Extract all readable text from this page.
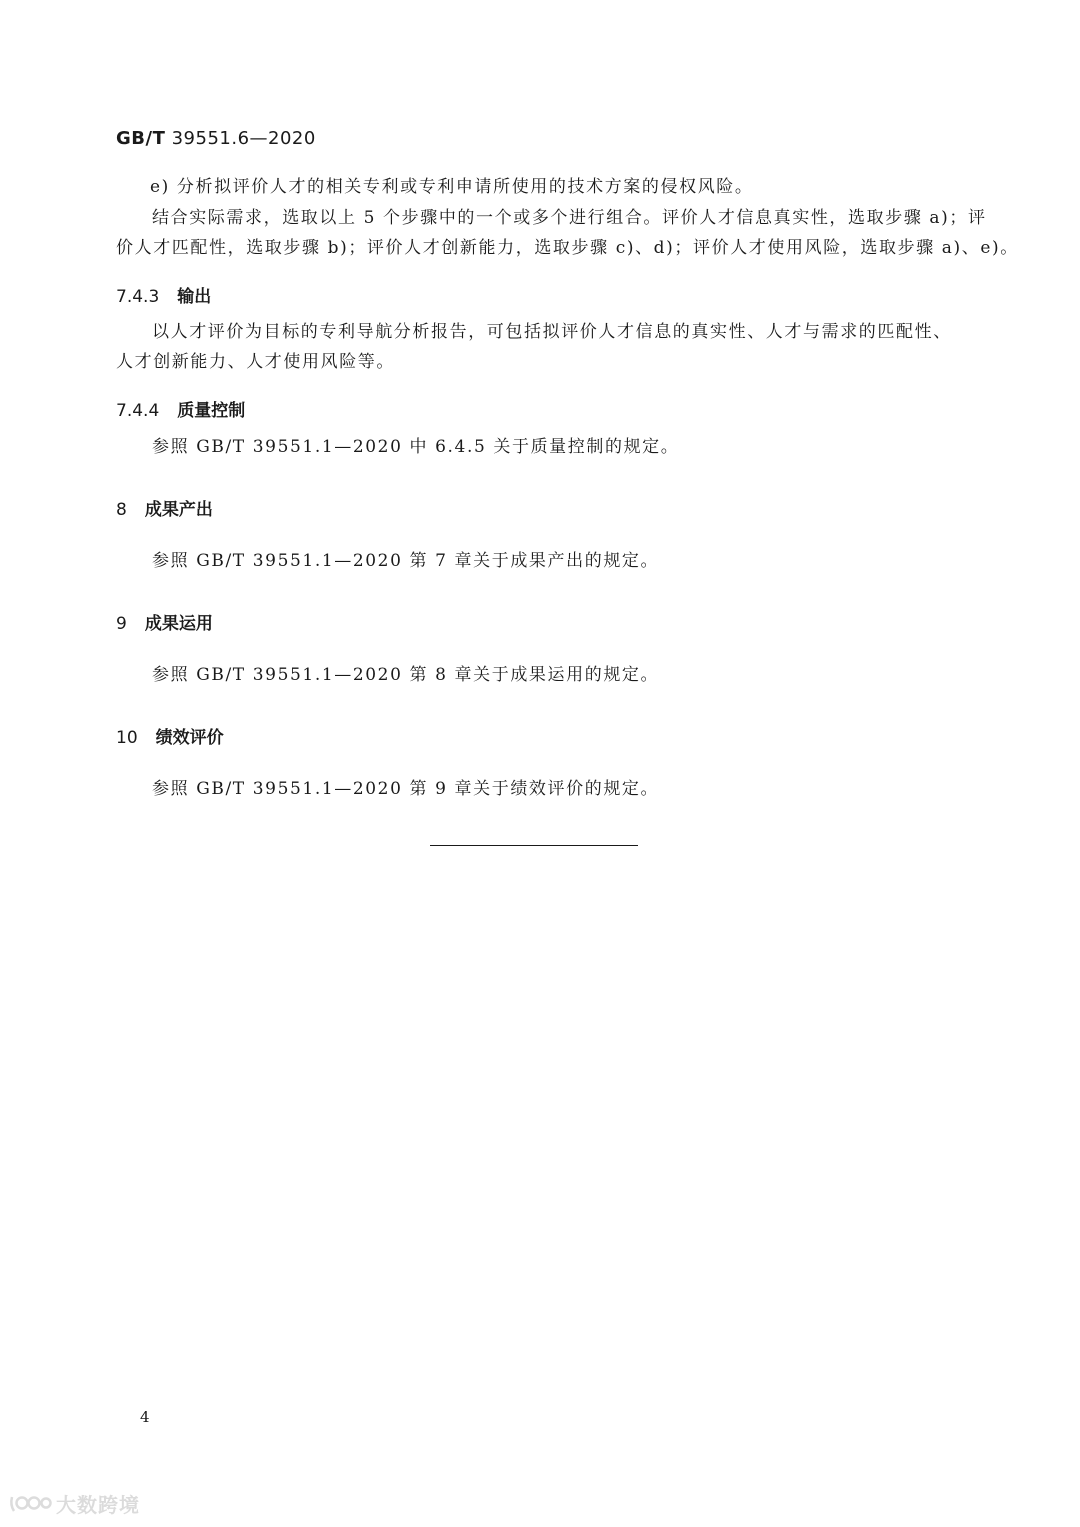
GB/T 39551.6—2020
e) 分析拟评价人才的相关专利或专利申请所使用的技术方案的侵权风险。
结合实际需求，选取以上 5 个步骤中的一个或多个进行组合。评价人才信息真实性，选取步骤 a)；评
价人才匹配性，选取步骤 b)；评价人才创新能力，选取步骤 c)、d)；评价人才使用风险，选取步骤 a)、e)。
7.4.3 输出
以人才评价为目标的专利导航分析报告，可包括拟评价人才信息的真实性、人才与需求的匹配性、
人才创新能力、人才使用风险等。
7.4.4 质量控制
参照 GB/T 39551.1—2020 中 6.4.5 关于质量控制的规定。
8 成果产出
参照 GB/T 39551.1—2020 第 7 章关于成果产出的规定。
9 成果运用
参照 GB/T 39551.1—2020 第 8 章关于成果运用的规定。
10 绩效评价
参照 GB/T 39551.1—2020 第 9 章关于绩效评价的规定。
4
大数跨境
